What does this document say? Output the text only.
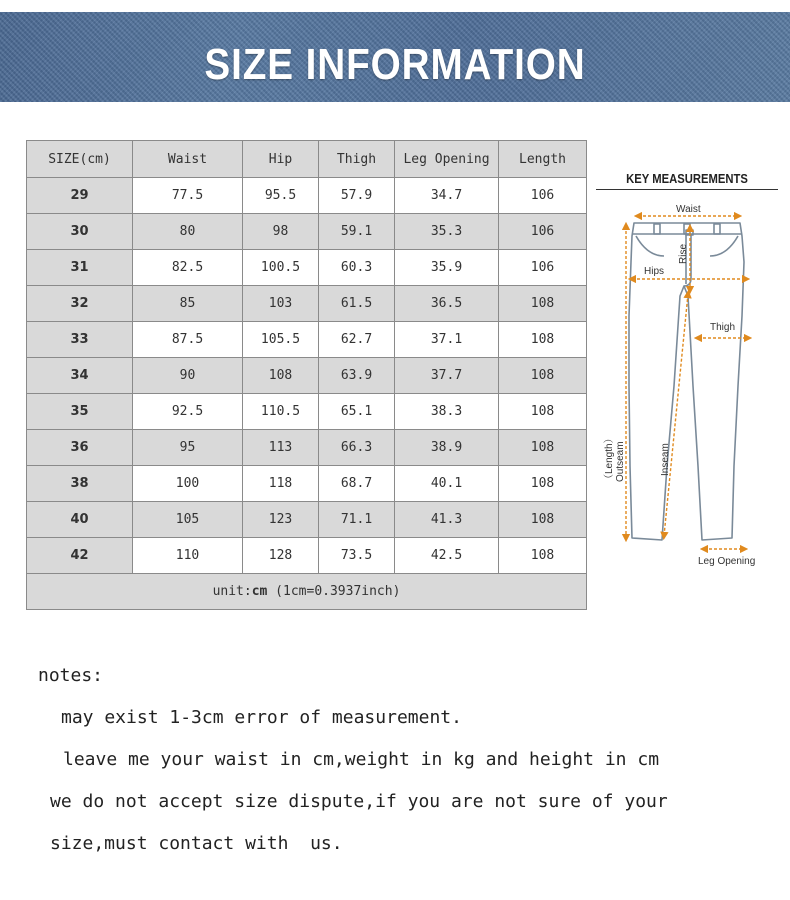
SIZE INFORMATION
SIZE(cm)	Waist	Hip	Thigh	Leg Opening	Length
29	77.5	95.5	57.9	34.7	106
30	80	98	59.1	35.3	106
31	82.5	100.5	60.3	35.9	106
32	85	103	61.5	36.5	108
33	87.5	105.5	62.7	37.1	108
34	90	108	63.9	37.7	108
35	92.5	110.5	65.1	38.3	108
36	95	113	66.3	38.9	108
38	100	118	68.7	40.1	108
40	105	123	71.1	41.3	108
42	110	128	73.5	42.5	108
unit:cm (1cm=0.3937inch)					
KEY MEASUREMENTS
Waist
Rise
Hips
Thigh
（Length） Outseam	Inseam
Leg Opening
notes:
may exist 1-3cm error of measurement.
leave me your waist in cm,weight in kg and height in cm
we do not accept size dispute,if you are not sure of your
size,must contact with  us.
